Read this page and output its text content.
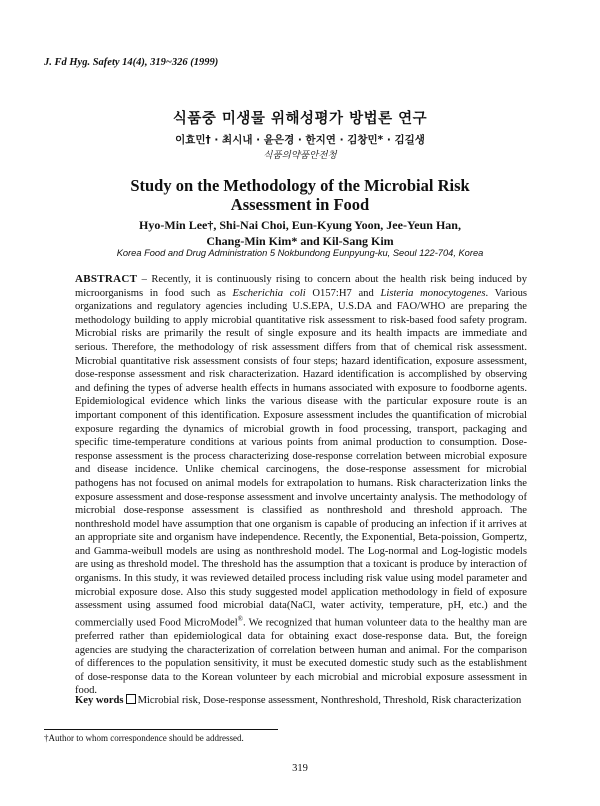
J. Fd Hyg. Safety 14(4), 319~326 (1999)
식품중 미생물 위해성평가 방법론 연구
이효민† · 최시내 · 윤은경 · 한지연 · 김창민* · 김길생
식품의약품안전청
Study on the Methodology of the Microbial Risk
Assessment in Food
Hyo-Min Lee†, Shi-Nai Choi, Eun-Kyung Yoon, Jee-Yeun Han,
Chang-Min Kim* and Kil-Sang Kim
Korea Food and Drug Administration 5 Nokbundong Eunpyung-ku, Seoul 122-704, Korea
ABSTRACT – Recently, it is continuously rising to concern about the health risk being induced by microorganisms in food such as Escherichia coli O157:H7 and Listeria monocytogenes. Various organizations and regulatory agencies including U.S.EPA, U.S.DA and FAO/WHO are preparing the methodology building to apply microbial quantitative risk assessment to risk-based food safety program. Microbial risks are primarily the result of single exposure and its health impacts are immediate and serious. Therefore, the methodology of risk assessment differs from that of chemical risk assessment. Microbial quantitative risk assessment consists of four steps; hazard identification, exposure assessment, dose-response assessment and risk characterization. Hazard identification is accomplished by observing and defining the types of adverse health effects in humans associated with exposure to foodborne agents. Epidemiological evidence which links the various disease with the particular exposure route is an important component of this identification. Exposure assessment includes the quantification of microbial exposure regarding the dynamics of microbial growth in food processing, transport, packaging and specific time-temperature conditions at various points from animal production to consumption. Dose-response assessment is the process characterizing dose-response correlation between microbial exposure and disease incidence. Unlike chemical carcinogens, the dose-response assessment for microbial pathogens has not focused on animal models for extrapolation to humans. Risk characterization links the exposure assessment and dose-response assessment and involve uncertainty analysis. The methodology of microbial dose-response assessment is classified as nonthreshold and threshold approach. The nonthreshold model have assumption that one organism is capable of producing an infection if it arrives at an appropriate site and organism have independence. Recently, the Exponential, Beta-poission, Gompertz, and Gamma-weibull models are using as nonthreshold model. The Log-normal and Log-logistic models are using as threshold model. The threshold has the assumption that a toxicant is produce by interaction of organisms. In this study, it was reviewed detailed process including risk value using model parameter and microbial exposure dose. Also this study suggested model application methodology in field of exposure assessment using assumed food microbial data(NaCl, water activity, temperature, pH, etc.) and the commercially used Food MicroModel®. We recognized that human volunteer data to the healthy man are preferred rather than epidemiological data for obtaining exact dose-response data. But, the foreign agencies are studying the characterization of correlation between human and animal. For the comparison of differences to the population sensitivity, it must be executed domestic study such as the establishment of dose-response data to the Korean volunteer by each microbial and microbial exposure assessment in food.
Key words Microbial risk, Dose-response assessment, Nonthreshold, Threshold, Risk characterization
†Author to whom correspondence should be addressed.
319
